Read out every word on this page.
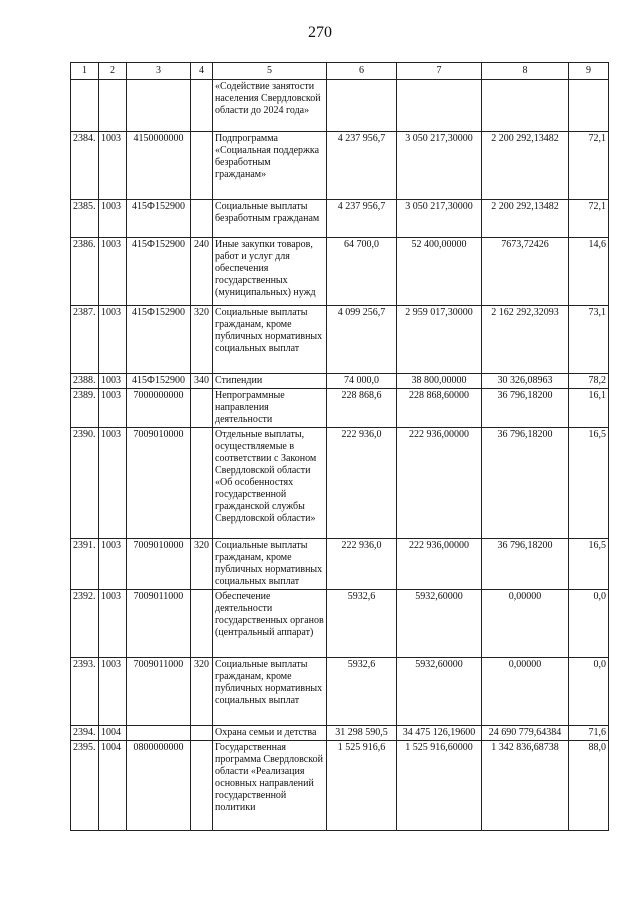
270
1	2	3	4	5	6	7	8	9
				«Содействие занятости населения Свердловской области до 2024 года»				
2384.	1003	4150000000		Подпрограмма «Социальная поддержка безработным гражданам»	4 237 956,7	3 050 217,30000	2 200 292,13482	72,1
2385.	1003	415Ф152900		Социальные выплаты безработным гражданам	4 237 956,7	3 050 217,30000	2 200 292,13482	72,1
2386.	1003	415Ф152900	240	Иные закупки товаров, работ и услуг для обеспечения государственных (муниципальных) нужд	64 700,0	52 400,00000	7673,72426	14,6
2387.	1003	415Ф152900	320	Социальные выплаты гражданам, кроме публичных нормативных социальных выплат	4 099 256,7	2 959 017,30000	2 162 292,32093	73,1
2388.	1003	415Ф152900	340	Стипендии	74 000,0	38 800,00000	30 326,08963	78,2
2389.	1003	7000000000		Непрограммные направления деятельности	228 868,6	228 868,60000	36 796,18200	16,1
2390.	1003	7009010000		Отдельные выплаты, осуществляемые в соответствии с Законом Свердловской области «Об особенностях государственной гражданской службы Свердловской области»	222 936,0	222 936,00000	36 796,18200	16,5
2391.	1003	7009010000	320	Социальные выплаты гражданам, кроме публичных нормативных социальных выплат	222 936,0	222 936,00000	36 796,18200	16,5
2392.	1003	7009011000		Обеспечение деятельности государственных органов (центральный аппарат)	5932,6	5932,60000	0,00000	0,0
2393.	1003	7009011000	320	Социальные выплаты гражданам, кроме публичных нормативных социальных выплат	5932,6	5932,60000	0,00000	0,0
2394.	1004			Охрана семьи и детства	31 298 590,5	34 475 126,19600	24 690 779,64384	71,6
2395.	1004	0800000000		Государственная программа Свердловской области «Реализация основных направлений государственной политики	1 525 916,6	1 525 916,60000	1 342 836,68738	88,0
